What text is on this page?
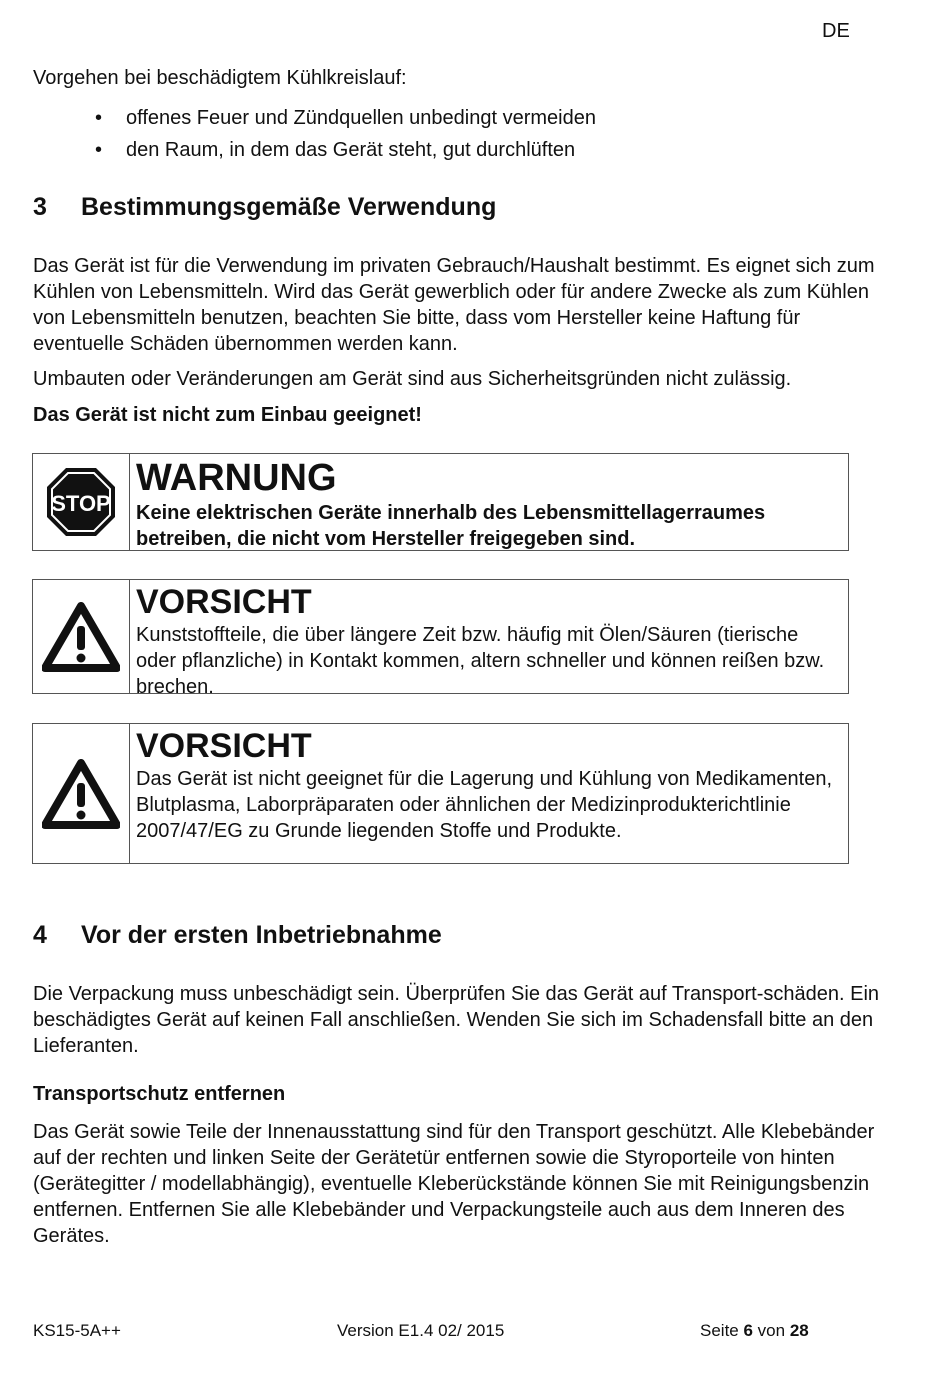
DE

Vorgehen bei beschädigtem Kühlkreislauf:

• offenes Feuer und Zündquellen unbedingt vermeiden
• den Raum, in dem das Gerät steht, gut durchlüften
3 Bestimmungsgemäße Verwendung

Das Gerät ist für die Verwendung im privaten Gebrauch/Haushalt bestimmt. Es eignet sich zum Kühlen von Lebensmitteln. Wird das Gerät gewerblich oder für andere Zwecke als zum Kühlen von Lebensmitteln benutzen, beachten Sie bitte, dass vom Hersteller keine Haftung für eventuelle Schäden übernommen werden kann.

Umbauten oder Veränderungen am Gerät sind aus Sicherheitsgründen nicht zulässig.

Das Gerät ist nicht zum Einbau geeignet!

STOP
WARNUNG
Keine elektrischen Geräte innerhalb des Lebensmittellagerraumes betreiben, die nicht vom Hersteller freigegeben sind.
VORSICHT
Kunststoffteile, die über längere Zeit bzw. häufig mit Ölen/Säuren (tierische oder pflanzliche) in Kontakt kommen, altern schneller und können reißen bzw. brechen.
VORSICHT
Das Gerät ist nicht geeignet für die Lagerung und Kühlung von Medikamenten, Blutplasma, Laborpräparaten oder ähnlichen der Medizinprodukterichtlinie 2007/47/EG zu Grunde liegenden Stoffe und Produkte.
4 Vor der ersten Inbetriebnahme

Die Verpackung muss unbeschädigt sein. Überprüfen Sie das Gerät auf Transport-schäden. Ein beschädigtes Gerät auf keinen Fall anschließen. Wenden Sie sich im Schadensfall bitte an den Lieferanten.

Transportschutz entfernen

Das Gerät sowie Teile der Innenausstattung sind für den Transport geschützt. Alle Klebebänder auf der rechten und linken Seite der Gerätetür entfernen sowie die Styroporteile von hinten (Gerätegitter / modellabhängig), eventuelle Kleberückstände können Sie mit Reinigungsbenzin entfernen. Entfernen Sie alle Klebebänder und Verpackungsteile auch aus dem Inneren des Gerätes.

KS15-5A++	Version E1.4 02/ 2015	Seite 6 von 28
